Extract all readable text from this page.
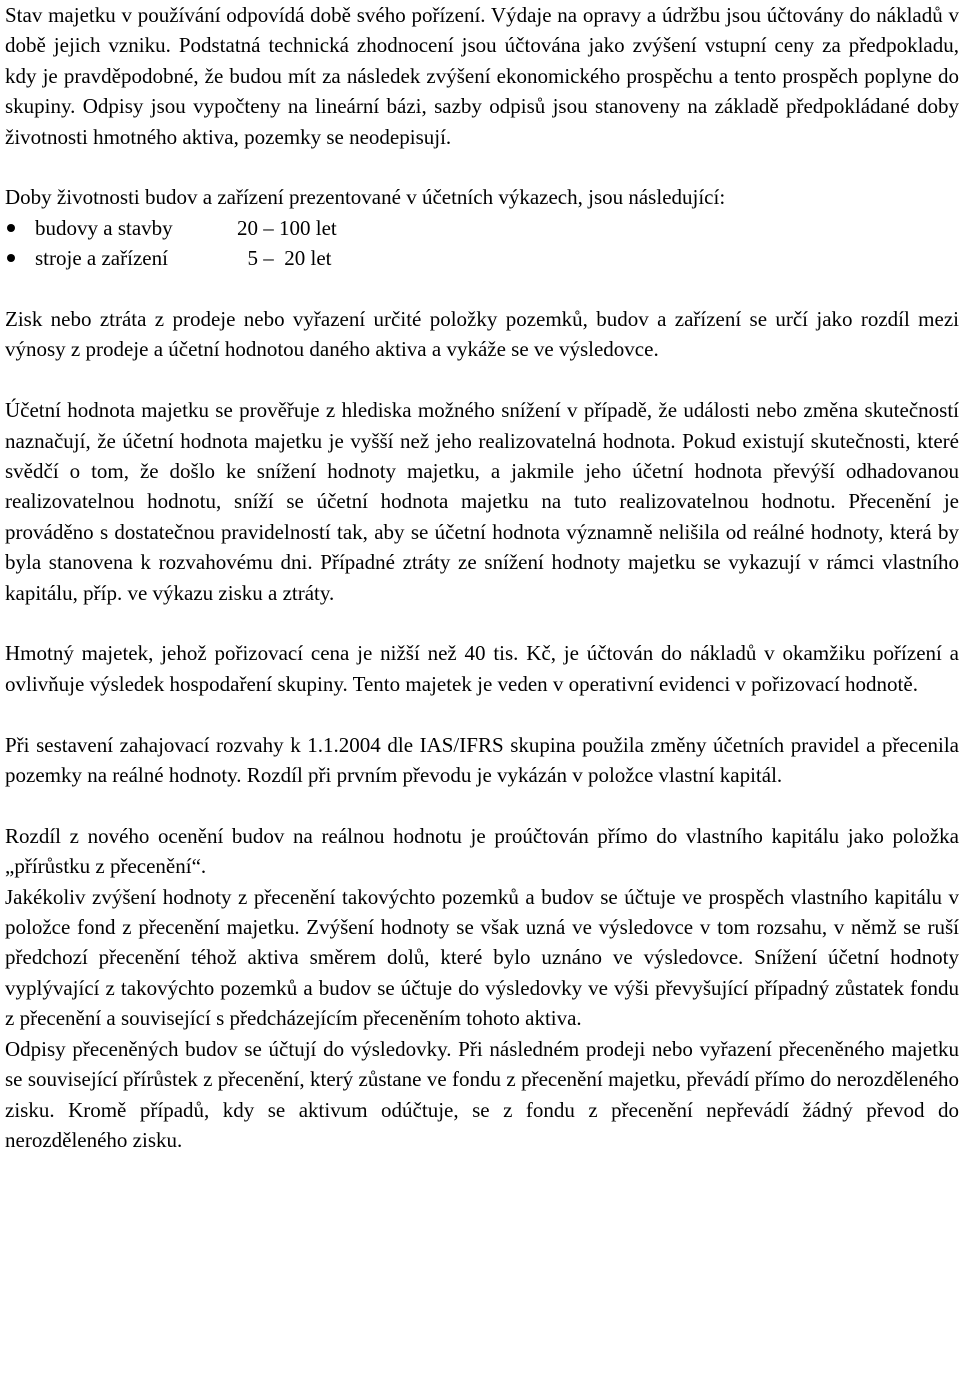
Stav majetku v používání odpovídá době svého pořízení. Výdaje na opravy a údržbu jsou účtovány do nákladů v době jejich vzniku. Podstatná technická zhodnocení jsou účtována jako zvýšení vstupní ceny za předpokladu, kdy je pravděpodobné, že budou mít za následek zvýšení ekonomického prospěchu a tento prospěch poplyne do skupiny. Odpisy jsou vypočteny na lineární bázi, sazby odpisů jsou stanoveny na základě předpokládané doby životnosti hmotného aktiva, pozemky se neodepisují.

Doby životnosti budov a zařízení prezentované v účetních výkazech, jsou následující:

budovy a stavby	20 – 100 let
stroje a zařízení	5 –  20 let

Zisk nebo ztráta z prodeje nebo vyřazení určité položky pozemků, budov a zařízení se určí jako rozdíl mezi výnosy z prodeje a účetní hodnotou daného aktiva a vykáže se ve výsledovce.

Účetní hodnota majetku se prověřuje z hlediska možného snížení v případě, že události nebo změna skutečností naznačují, že účetní hodnota majetku je vyšší než jeho realizovatelná hodnota. Pokud existují skutečnosti, které svědčí o tom, že došlo ke snížení hodnoty majetku, a jakmile jeho účetní hodnota převýší odhadovanou realizovatelnou hodnotu, sníží se účetní hodnota majetku na tuto realizovatelnou hodnotu. Přecenění je prováděno s dostatečnou pravidelností tak, aby se účetní hodnota významně nelišila od reálné hodnoty, která by byla stanovena k rozvahovému dni. Případné ztráty ze snížení hodnoty majetku se vykazují v rámci vlastního kapitálu, příp. ve výkazu zisku a ztráty.

Hmotný majetek, jehož pořizovací cena je nižší než 40 tis. Kč, je účtován do nákladů v okamžiku pořízení a ovlivňuje výsledek hospodaření skupiny. Tento majetek je veden v operativní evidenci v pořizovací hodnotě.

Při sestavení zahajovací rozvahy k 1.1.2004 dle IAS/IFRS skupina použila změny účetních pravidel a přecenila pozemky na reálné hodnoty. Rozdíl při prvním převodu je vykázán v položce vlastní kapitál.

Rozdíl z nového ocenění budov na reálnou hodnotu je proúčtován přímo do vlastního kapitálu jako položka „přírůstku z přecenění“.

Jakékoliv zvýšení hodnoty z přecenění takovýchto pozemků a budov se účtuje ve prospěch vlastního kapitálu v položce fond z přecenění majetku. Zvýšení hodnoty se však uzná ve výsledovce v tom rozsahu, v němž se ruší předchozí přecenění téhož aktiva směrem dolů, které bylo uznáno ve výsledovce. Snížení účetní hodnoty vyplývající z takovýchto pozemků a budov se účtuje do výsledovky ve výši převyšující případný zůstatek fondu z přecenění a související s předcházejícím přeceněním tohoto aktiva.

Odpisy přeceněných budov se účtují do výsledovky. Při následném prodeji nebo vyřazení přeceněného majetku se související přírůstek z přecenění, který zůstane ve fondu z přecenění majetku, převádí přímo do nerozděleného zisku. Kromě případů, kdy se aktivum odúčtuje, se z fondu z přecenění nepřevádí žádný převod do nerozděleného zisku.
